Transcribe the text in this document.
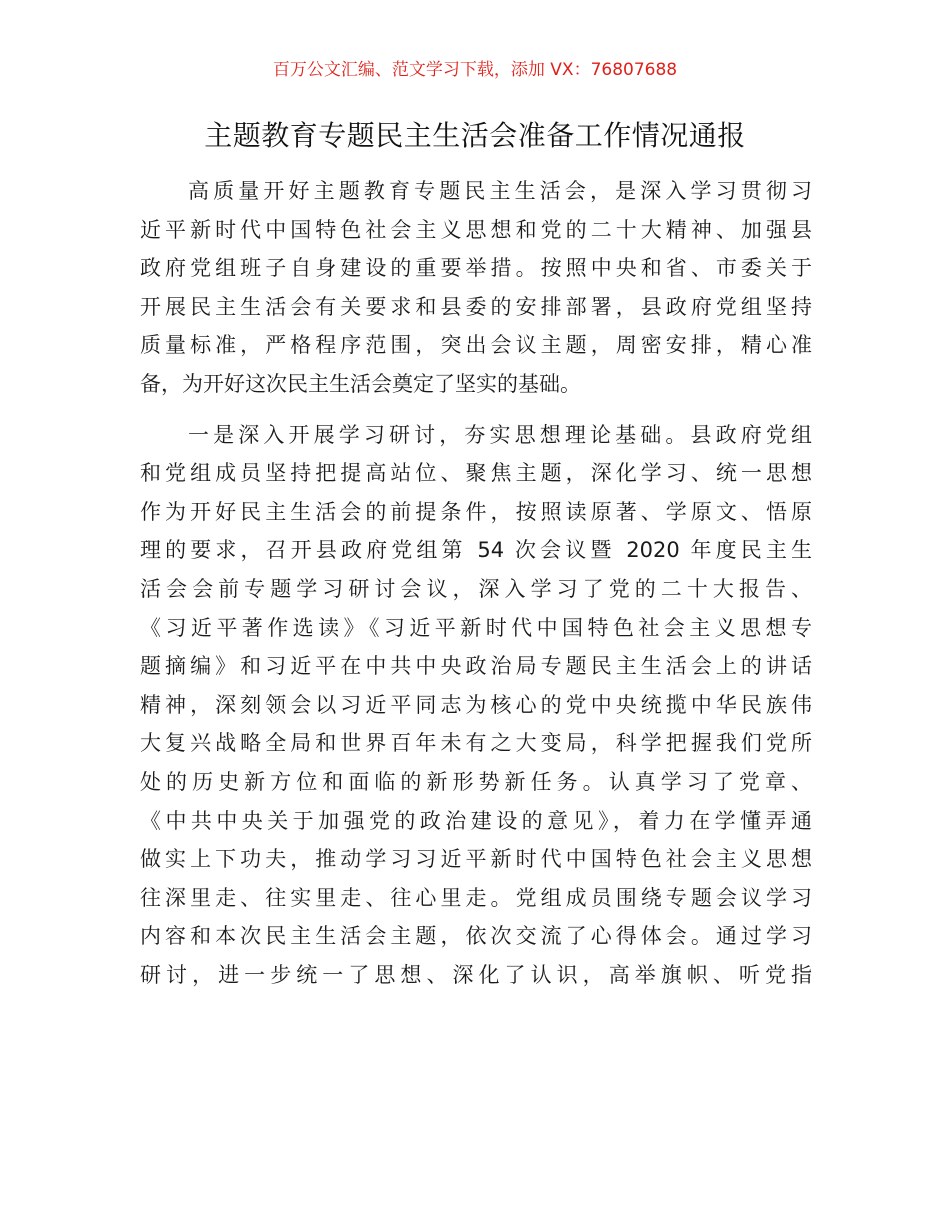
百万公文汇编、范文学习下载，添加 VX：76807688
主题教育专题民主生活会准备工作情况通报

高质量开好主题教育专题民主生活会，是深入学习贯彻习
近平新时代中国特色社会主义思想和党的二十大精神、加强县
政府党组班子自身建设的重要举措。按照中央和省、市委关于
开展民主生活会有关要求和县委的安排部署，县政府党组坚持
质量标准，严格程序范围，突出会议主题，周密安排，精心准
备，为开好这次民主生活会奠定了坚实的基础。

一是深入开展学习研讨，夯实思想理论基础。县政府党组
和党组成员坚持把提高站位、聚焦主题，深化学习、统一思想
作为开好民主生活会的前提条件，按照读原著、学原文、悟原
理的要求，召开县政府党组第 54 次会议暨 2020 年度民主生
活会会前专题学习研讨会议，深入学习了党的二十大报告、
《习近平著作选读》《习近平新时代中国特色社会主义思想专
题摘编》和习近平在中共中央政治局专题民主生活会上的讲话
精神，深刻领会以习近平同志为核心的党中央统揽中华民族伟
大复兴战略全局和世界百年未有之大变局，科学把握我们党所
处的历史新方位和面临的新形势新任务。认真学习了党章、
《中共中央关于加强党的政治建设的意见》，着力在学懂弄通
做实上下功夫，推动学习习近平新时代中国特色社会主义思想
往深里走、往实里走、往心里走。党组成员围绕专题会议学习
内容和本次民主生活会主题，依次交流了心得体会。通过学习
研讨，进一步统一了思想、深化了认识，高举旗帜、听党指
